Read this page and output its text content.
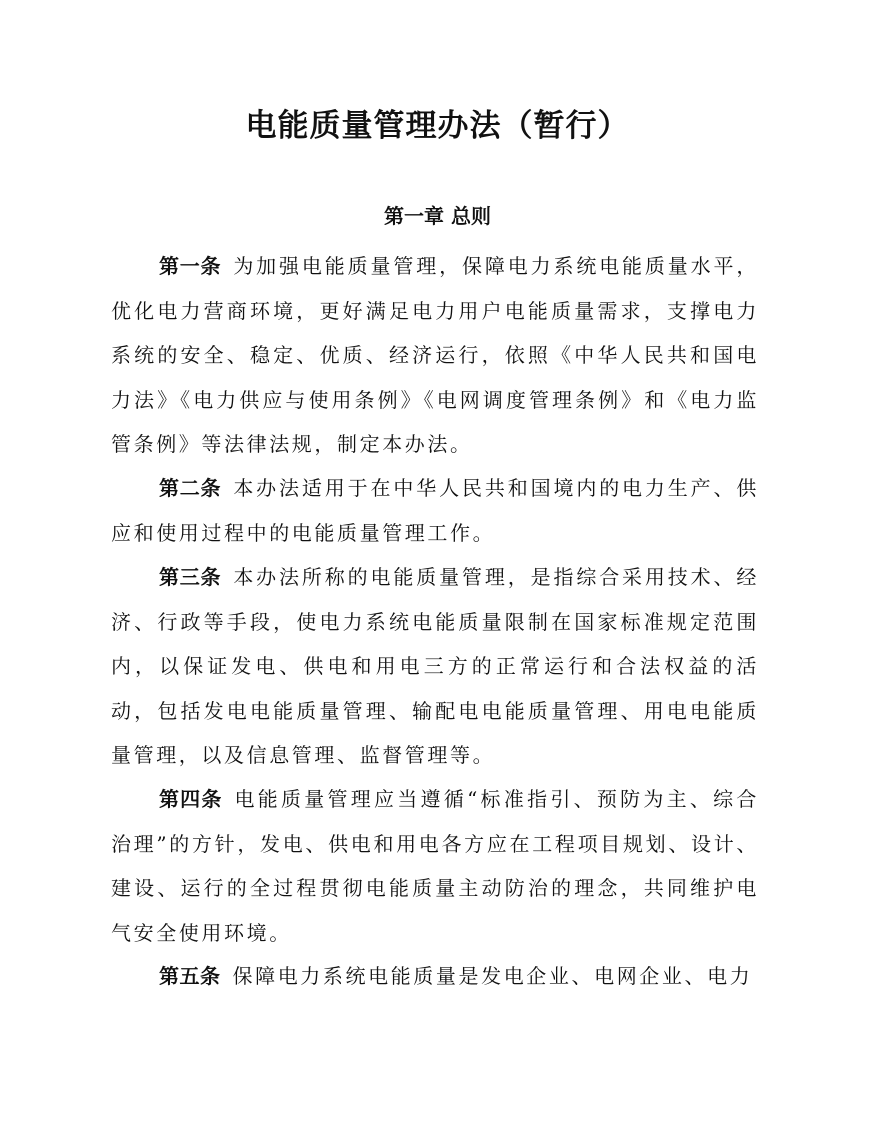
电能质量管理办法（暂行）
第一章 总则

第一条 为加强电能质量管理，保障电力系统电能质量水平，优化电力营商环境，更好满足电力用户电能质量需求，支撑电力系统的安全、稳定、优质、经济运行，依照《中华人民共和国电力法》《电力供应与使用条例》《电网调度管理条例》和《电力监管条例》等法律法规，制定本办法。

第二条 本办法适用于在中华人民共和国境内的电力生产、供应和使用过程中的电能质量管理工作。

第三条 本办法所称的电能质量管理，是指综合采用技术、经济、行政等手段，使电力系统电能质量限制在国家标准规定范围内，以保证发电、供电和用电三方的正常运行和合法权益的活动，包括发电电能质量管理、输配电电能质量管理、用电电能质量管理，以及信息管理、监督管理等。

第四条 电能质量管理应当遵循“标准指引、预防为主、综合治理”的方针，发电、供电和用电各方应在工程项目规划、设计、建设、运行的全过程贯彻电能质量主动防治的理念，共同维护电气安全使用环境。

第五条 保障电力系统电能质量是发电企业、电网企业、电力
